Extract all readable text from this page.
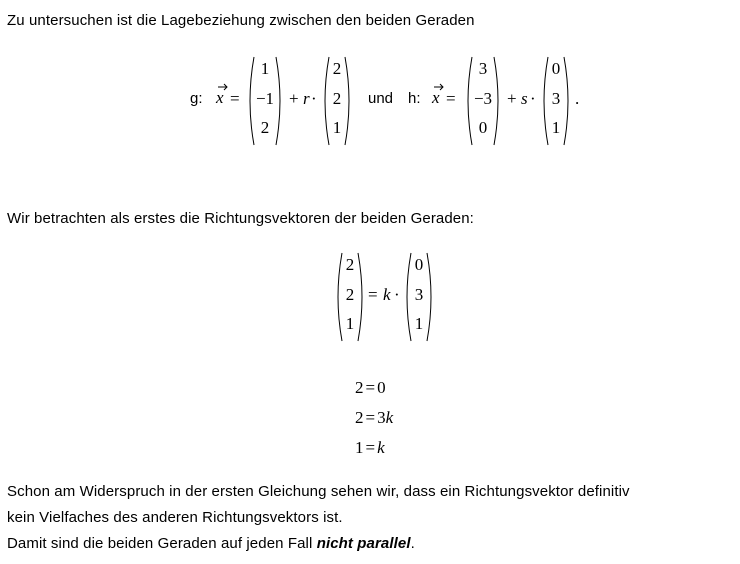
Zu untersuchen ist die Lagebeziehung zwischen den beiden Geraden
g: x =
1
−1
2
+ r ·
2
2
1
und h: x =
3
−3
0
+ s ·
0
3
1
.
Wir betrachten als erstes die Richtungsvektoren der beiden Geraden:
2
2
1
= k ·
0
3
1
2 = 0
2 = 3k
1 = k
Schon am Widerspruch in der ersten Gleichung sehen wir, dass ein Richtungsvektor definitiv
kein Vielfaches des anderen Richtungsvektors ist.
Damit sind die beiden Geraden auf jeden Fall nicht parallel.
